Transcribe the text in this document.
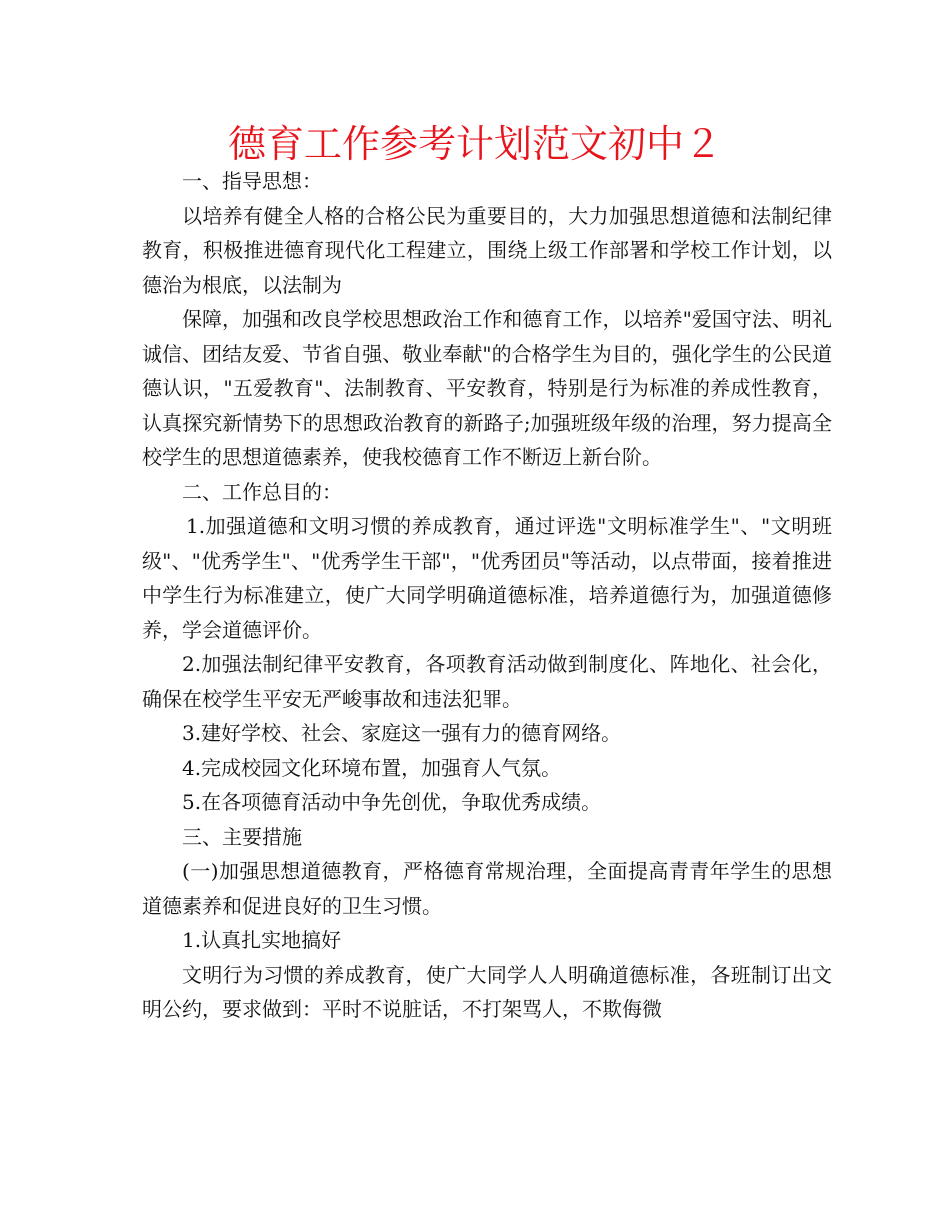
德育工作参考计划范文初中２

一、指导思想：

以培养有健全人格的合格公民为重要目的，大力加强思想道德和法制纪律教育，积极推进德育现代化工程建立，围绕上级工作部署和学校工作计划，以德治为根底，以法制为

保障，加强和改良学校思想政治工作和德育工作，以培养"爱国守法、明礼诚信、团结友爱、节省自强、敬业奉献"的合格学生为目的，强化学生的公民道德认识，"五爱教育"、法制教育、平安教育，特别是行为标准的养成性教育，认真探究新情势下的思想政治教育的新路子;加强班级年级的治理，努力提高全校学生的思想道德素养，使我校德育工作不断迈上新台阶。

二、工作总目的：

1.加强道德和文明习惯的养成教育，通过评选"文明标准学生"、"文明班级"、"优秀学生"、"优秀学生干部"，"优秀团员"等活动，以点带面，接着推进中学生行为标准建立，使广大同学明确道德标准，培养道德行为，加强道德修养，学会道德评价。

2.加强法制纪律平安教育，各项教育活动做到制度化、阵地化、社会化，确保在校学生平安无严峻事故和违法犯罪。

3.建好学校、社会、家庭这一强有力的德育网络。

4.完成校园文化环境布置，加强育人气氛。

5.在各项德育活动中争先创优，争取优秀成绩。

三、主要措施

(一)加强思想道德教育，严格德育常规治理，全面提高青青年学生的思想道德素养和促进良好的卫生习惯。

1.认真扎实地搞好

文明行为习惯的养成教育，使广大同学人人明确道德标准，各班制订出文明公约，要求做到：平时不说脏话，不打架骂人，不欺侮微
